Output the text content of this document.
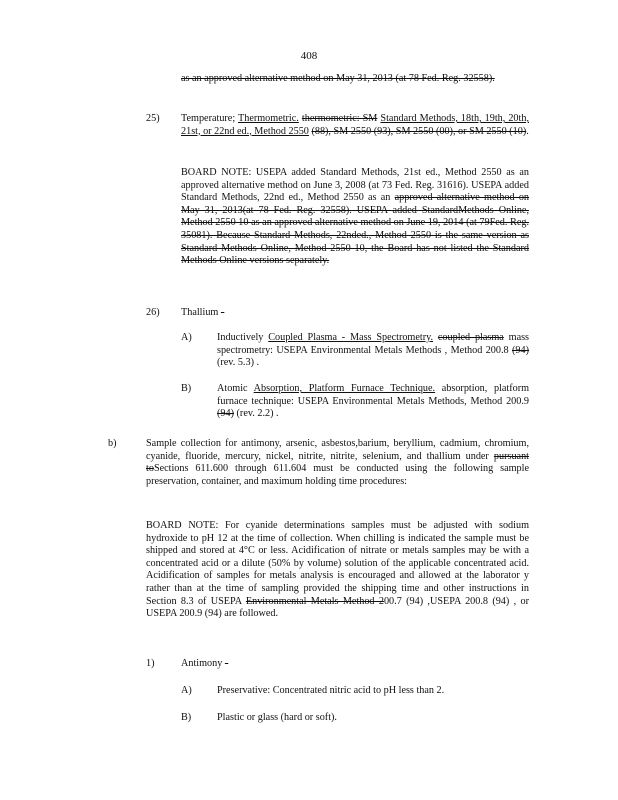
408
as an approved alternative method on May 31, 2013 (at 78 Fed. Reg. 32558).
25) Temperature; Thermometric. thermometric: SM Standard Methods, 18th, 19th, 20th, 21st, or 22nd ed., Method 2550 (88), SM 2550 (93), SM 2550 (00), or SM 2550 (10).
BOARD NOTE: USEPA added Standard Methods, 21st ed., Method 2550 as an approved alternative method on June 3, 2008 (at 73 Fed. Reg. 31616). USEPA added Standard Methods, 22nd ed., Method 2550 as an approved alternative method on May 31, 2013(at 78 Fed. Reg. 32558). USEPA added StandardMethods Online, Method 2550 10 as an approved alternative method on June 19, 2014 (at 79Fed. Reg. 35081). Because Standard Methods, 22nded., Method 2550 is the same version as Standard Methods Online, Method 2550 10, the Board has not listed the Standard Methods Online versions separately.
26) Thallium -
A) Inductively Coupled Plasma - Mass Spectrometry. coupled plasma mass spectrometry: USEPA Environmental Metals Methods , Method 200.8 (94) (rev. 5.3) .
B)	Atomic Absorption, Platform Furnace Technique. absorption, platform furnace technique: USEPA Environmental Metals Methods, Method 200.9 (94) (rev. 2.2) .
b)	Sample collection for antimony, arsenic, asbestos,barium, beryllium, cadmium, chromium, cyanide, fluoride, mercury, nickel, nitrite, nitrite, selenium, and thallium under pursuant toSections 611.600 through 611.604 must be conducted using the following sample preservation, container, and maximum holding time procedures:
BOARD NOTE: For cyanide determinations samples must be adjusted with sodium hydroxide to pH 12 at the time of collection. When chilling is indicated the sample must be shipped and stored at 4°C or less. Acidification of nitrate or metals samples may be with a concentrated acid or a dilute (50% by volume) solution of the applicable concentrated acid. Acidification of samples for metals analysis is encouraged and allowed at the laborator y rather than at the time of sampling provided the shipping time and other instructions in Section 8.3 of USEPA Environmental Metals Method 200.7 (94) ,USEPA 200.8 (94) , or USEPA 200.9 (94) are followed.
1)	Antimony -
A) Preservative: Concentrated nitric acid to pH less than 2.
B)	Plastic or glass (hard or soft).
